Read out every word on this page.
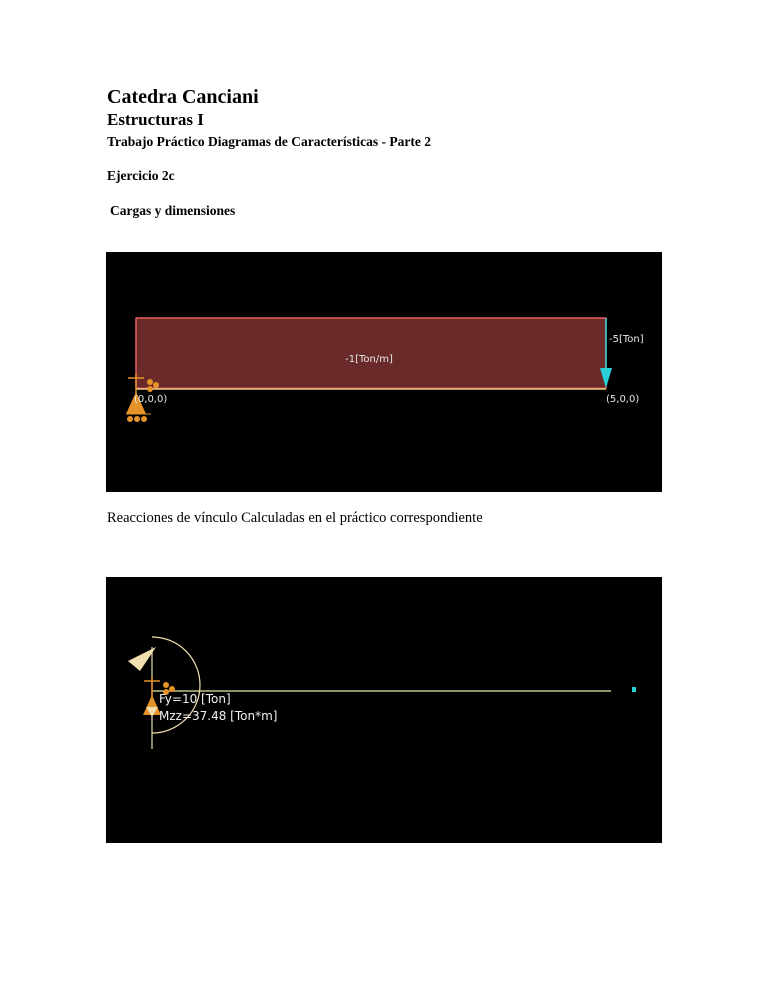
Catedra Canciani
Estructuras I

Trabajo Práctico Diagramas de Características - Parte 2

Ejercicio 2c

Cargas y dimensiones

-1[Ton/m]
-5[Ton]
(0,0,0)	(5,0,0)

Reacciones de vínculo Calculadas en el práctico correspondiente

Fy=10 [Ton]
Mzz=37.48 [Ton*m]
